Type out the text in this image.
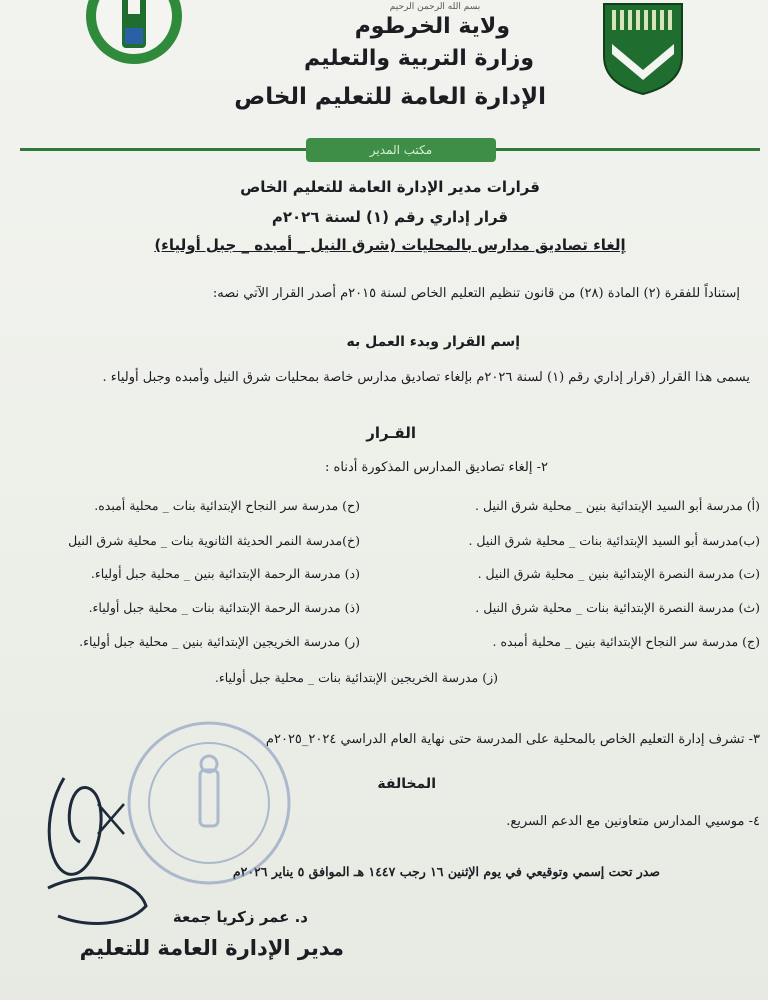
بسم الله الرحمن الرحيم
ولاية الخرطوم
وزارة التربية والتعليم
الإدارة العامة للتعليم الخاص
مكتب المدير
قرارات مدير الإدارة العامة للتعليم الخاص
قرار إداري رقم (١) لسنة ٢٠٢٦م
إلغاء تصاديق مدارس بالمحليات (شرق النيل _ أمبده _ جبل أولياء)
إستناداً للفقرة (٢) المادة (٢٨) من قانون تنظيم التعليم الخاص لسنة ٢٠١٥م أصدر القرار الآتي نصه:
إسم القرار وبدء العمل به
يسمى هذا القرار (قرار إداري رقم (١) لسنة ٢٠٢٦م بإلغاء تصاديق مدارس خاصة بمحليات شرق النيل وأمبده وجبل أولياء .
القـرار
٢- إلغاء تصاديق المدارس المذكورة أدناه :
(أ) مدرسة أبو السيد الإبتدائية بنين _ محلية شرق النيل .
(ب)مدرسة أبو السيد الإبتدائية بنات _ محلية شرق النيل .
(ت) مدرسة النصرة الإبتدائية بنين _ محلية شرق النيل .
(ث) مدرسة النصرة الإبتدائية بنات _ محلية شرق النيل .
(ج) مدرسة سر النجاح الإبتدائية بنين _ محلية أمبده .
(ز) مدرسة الخريجين الإبتدائية بنات _ محلية جبل أولياء.
(ح) مدرسة سر النجاح الإبتدائية بنات _ محلية أمبده.
(خ)مدرسة النمر الحديثة الثانوية بنات _ محلية شرق النيل
(د) مدرسة الرحمة الإبتدائية بنين _ محلية جبل أولياء.
(ذ) مدرسة الرحمة الإبتدائية بنات _ محلية جبل أولياء.
(ر) مدرسة الخريجين الإبتدائية بنين _ محلية جبل أولياء.
٣- تشرف إدارة التعليم الخاص بالمحلية على المدرسة حتى نهاية العام الدراسي ٢٠٢٤_٢٠٢٥م
المخالفة
٤- موسيي المدارس متعاونين مع الدعم السريع.
صدر تحت إسمي وتوقيعي في يوم الإثنين ١٦ رجب ١٤٤٧ هـ الموافق ٥ يناير ٢٠٢٦م
د. عمر زكريا جمعة
مدير الإدارة العامة للتعليم
